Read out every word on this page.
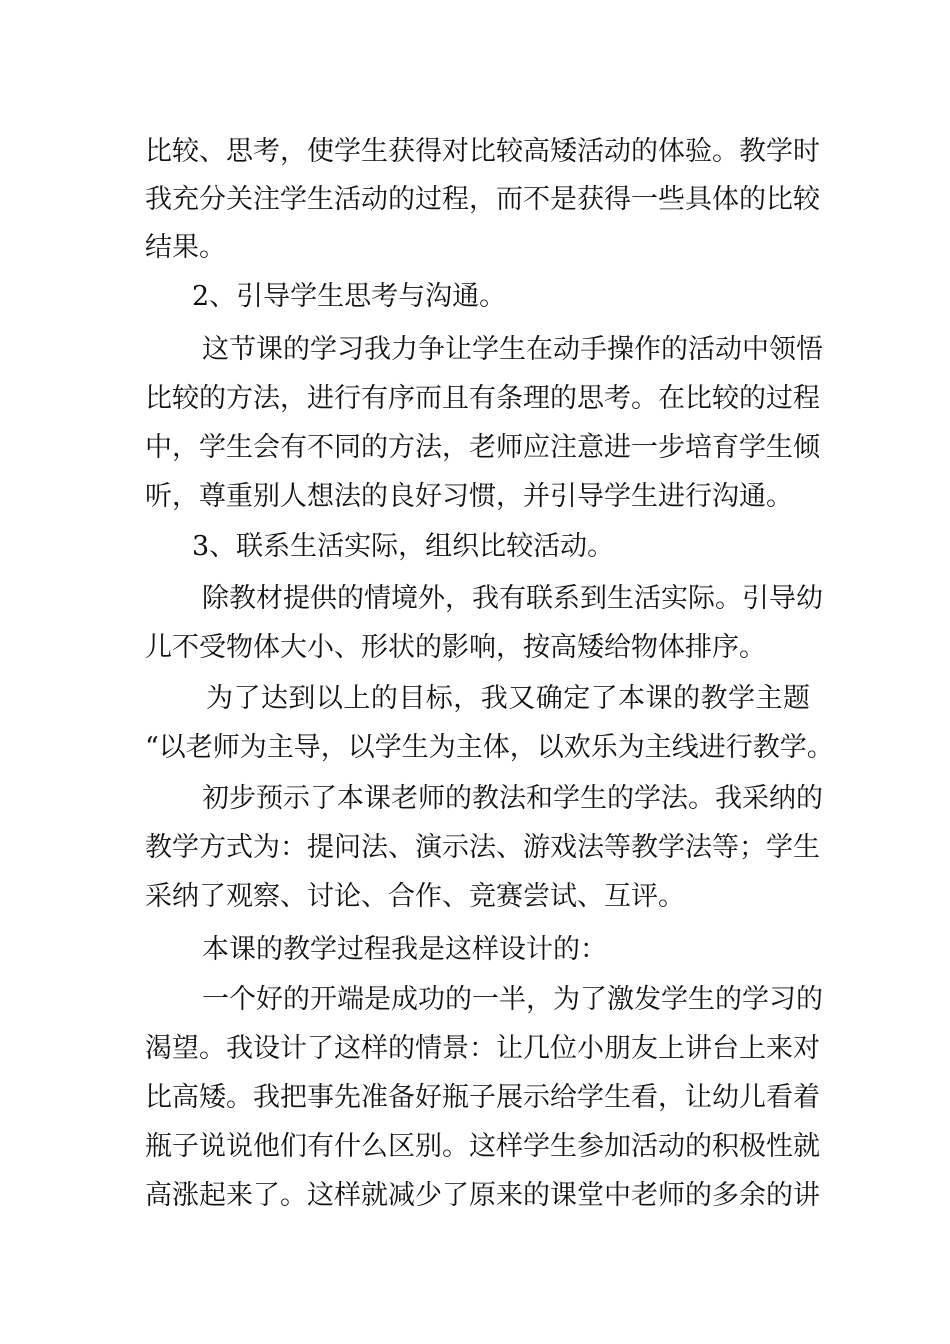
比较、思考，使学生获得对比较高矮活动的体验。教学时
我充分关注学生活动的过程，而不是获得一些具体的比较
结果。
2、引导学生思考与沟通。
这节课的学习我力争让学生在动手操作的活动中领悟
比较的方法，进行有序而且有条理的思考。在比较的过程
中，学生会有不同的方法，老师应注意进一步培育学生倾
听，尊重别人想法的良好习惯，并引导学生进行沟通。
3、联系生活实际，组织比较活动。
除教材提供的情境外，我有联系到生活实际。引导幼
儿不受物体大小、形状的影响，按高矮给物体排序。
为了达到以上的目标，我又确定了本课的教学主题
“以老师为主导，以学生为主体，以欢乐为主线进行教学。
初步预示了本课老师的教法和学生的学法。我采纳的
教学方式为：提问法、演示法、游戏法等教学法等；学生
采纳了观察、讨论、合作、竞赛尝试、互评。
本课的教学过程我是这样设计的：
一个好的开端是成功的一半，为了激发学生的学习的
渴望。我设计了这样的情景：让几位小朋友上讲台上来对
比高矮。我把事先准备好瓶子展示给学生看，让幼儿看着
瓶子说说他们有什么区别。这样学生参加活动的积极性就
高涨起来了。这样就减少了原来的课堂中老师的多余的讲
